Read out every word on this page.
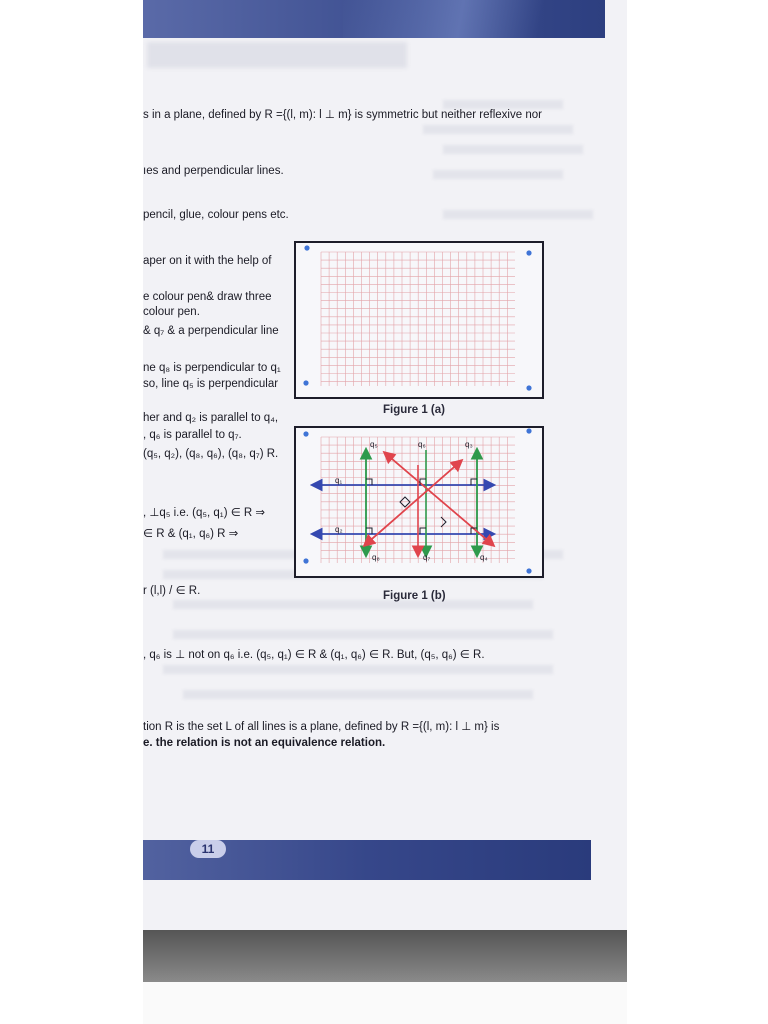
s in a plane, defined by R ={(l, m): l ⊥ m} is symmetric but neither reflexive nor
ıes and perpendicular lines.
pencil, glue, colour pens etc.
aper on it with the help of
e colour pen& draw three
colour pen.
& q₇ & a perpendicular line
ne q₈ is perpendicular to q₁
so, line q₅ is perpendicular
her and q₂ is parallel to q₄,
, q₆ is parallel to q₇.
(q₅, q₂), (q₈, q₆), (q₈, q₇) R.
, ⊥q₅ i.e. (q₅, q₁) ∈ R ⇒
∈ R & (q₁, q₆) R ⇒
r (l,l) / ∈ R.
, q₆ is ⊥ not on q₆ i.e. (q₅, q₁) ∈ R & (q₁, q₆) ∈ R. But, (q₅, q₆) ∈ R.
tion R is the set L of all lines is a plane, defined by R ={(l, m): l ⊥ m} is
e. the relation is not an equivalence relation.
Figure 1 (a)
q₅	q₆	q₃
q₁
q₂
q₈	q₇	q₄
Figure 1 (b)
11
